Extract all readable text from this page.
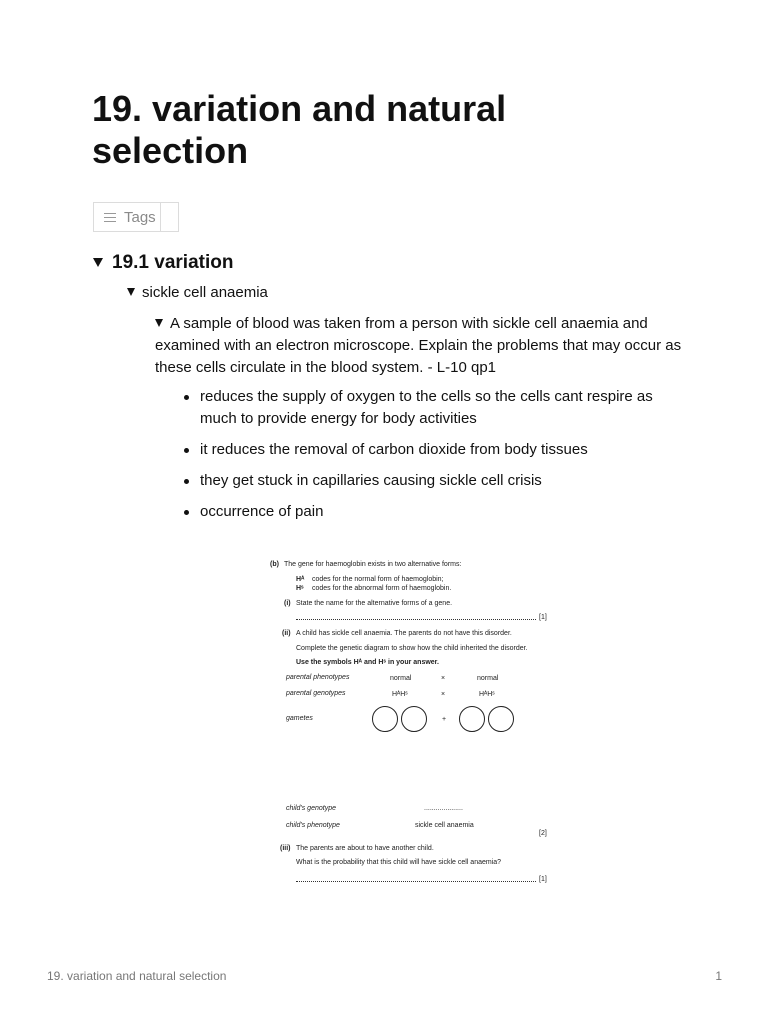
19. variation and natural selection
Tags
19.1 variation
sickle cell anaemia
A sample of blood was taken from a person with sickle cell anaemia and examined with an electron microscope. Explain the problems that may occur as these cells circulate in the blood system. - L-10 qp1
reduces the supply of oxygen to the cells so the cells cant respire as much to provide energy for body activities
it reduces the removal of carbon dioxide from body tissues
they get stuck in capillaries causing sickle cell crisis
occurrence of pain
(b) The gene for haemoglobin exists in two alternative forms:
Hᴬ codes for the normal form of haemoglobin;
Hˢ codes for the abnormal form of haemoglobin.
(i) State the name for the alternative forms of a gene.
[1]
(ii) A child has sickle cell anaemia. The parents do not have this disorder.
Complete the genetic diagram to show how the child inherited the disorder.
Use the symbols Hᴬ and Hˢ in your answer.
parental phenotypes	normal	×	normal
parental genotypes	HᴬHˢ	×	HᴬHˢ
gametes	+
child's genotype	....................
child's phenotype	sickle cell anaemia
[2]
(iii) The parents are about to have another child.
What is the probability that this child will have sickle cell anaemia?
[1]
19. variation and natural selection	1
